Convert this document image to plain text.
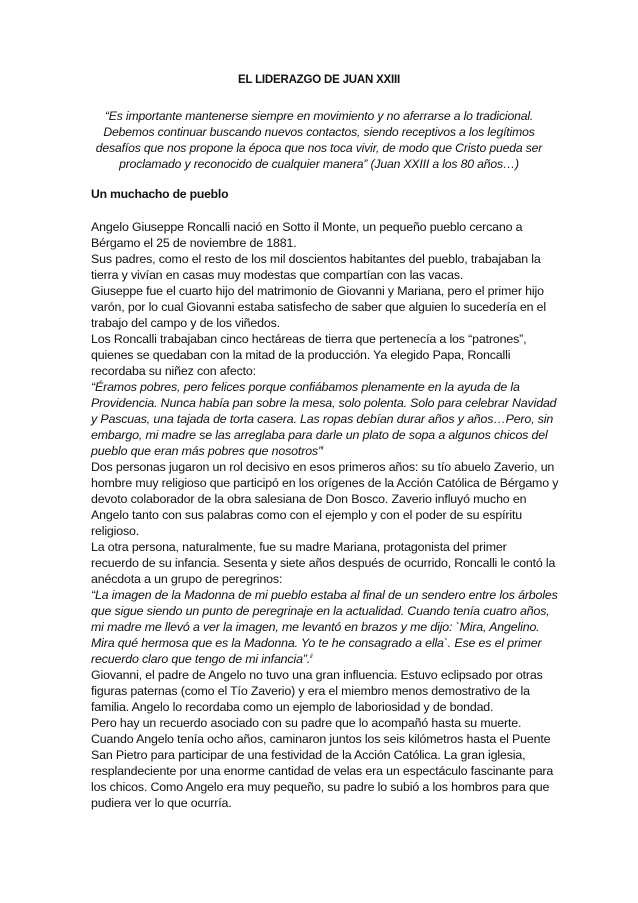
EL LIDERAZGO DE JUAN XXIII
“Es importante mantenerse siempre en movimiento y no aferrarse a lo tradicional.
Debemos continuar buscando nuevos contactos, siendo receptivos a los legítimos
desafíos que nos propone la época que nos toca vivir, de modo que Cristo pueda ser
proclamado y reconocido de cualquier manera” (Juan XXIII a los 80 años…)
Un muchacho de pueblo
Angelo Giuseppe Roncalli nació en Sotto il Monte, un pequeño pueblo cercano a
Bérgamo el 25 de noviembre de 1881.
Sus padres, como el resto de los mil doscientos habitantes del pueblo, trabajaban la
tierra y vivían en casas muy modestas que compartían con las vacas.
Giuseppe fue el cuarto hijo del matrimonio de Giovanni y Mariana, pero el primer hijo
varón, por lo cual Giovanni estaba satisfecho de saber que alguien lo sucedería en el
trabajo del campo y de los viñedos.
Los Roncalli trabajaban cinco hectáreas de tierra que pertenecía a los “patrones”,
quienes se quedaban con la mitad de la producción. Ya elegido Papa, Roncalli
recordaba su niñez con afecto:
“Éramos pobres, pero felices porque confiábamos plenamente en la ayuda de la
Providencia. Nunca había pan sobre la mesa, solo polenta. Solo para celebrar Navidad
y Pascuas, una tajada de torta casera. Las ropas debían durar años y años…Pero, sin
embargo, mi madre se las arreglaba para darle un plato de sopa a algunos chicos del
pueblo que eran más pobres que nosotros”$^i$
Dos personas jugaron un rol decisivo en esos primeros años: su tío abuelo Zaverio, un
hombre muy religioso que participó en los orígenes de la Acción Católica de Bérgamo y
devoto colaborador de la obra salesiana de Don Bosco. Zaverio influyó mucho en
Angelo tanto con sus palabras como con el ejemplo y con el poder de su espíritu
religioso.
La otra persona, naturalmente, fue su madre Mariana, protagonista del primer
recuerdo de su infancia. Sesenta y siete años después de ocurrido, Roncalli le contó la
anécdota a un grupo de peregrinos:
“La imagen de la Madonna de mi pueblo estaba al final de un sendero entre los árboles
que sigue siendo un punto de peregrinaje en la actualidad. Cuando tenía cuatro años,
mi madre me llevó a ver la imagen, me levantó en brazos y me dijo: `Mira, Angelino.
Mira qué hermosa que es la Madonna. Yo te he consagrado a ella`. Ese es el primer
recuerdo claro que tengo de mi infancia”.$^{ii}$
Giovanni, el padre de Angelo no tuvo una gran influencia. Estuvo eclipsado por otras
figuras paternas (como el Tío Zaverio) y era el miembro menos demostrativo de la
familia. Angelo lo recordaba como un ejemplo de laboriosidad y de bondad.
Pero hay un recuerdo asociado con su padre que lo acompañó hasta su muerte.
Cuando Angelo tenía ocho años, caminaron juntos los seis kilómetros hasta el Puente
San Pietro para participar de una festividad de la Acción Católica. La gran iglesia,
resplandeciente por una enorme cantidad de velas era un espectáculo fascinante para
los chicos. Como Angelo era muy pequeño, su padre lo subió a los hombros para que
pudiera ver lo que ocurría.
